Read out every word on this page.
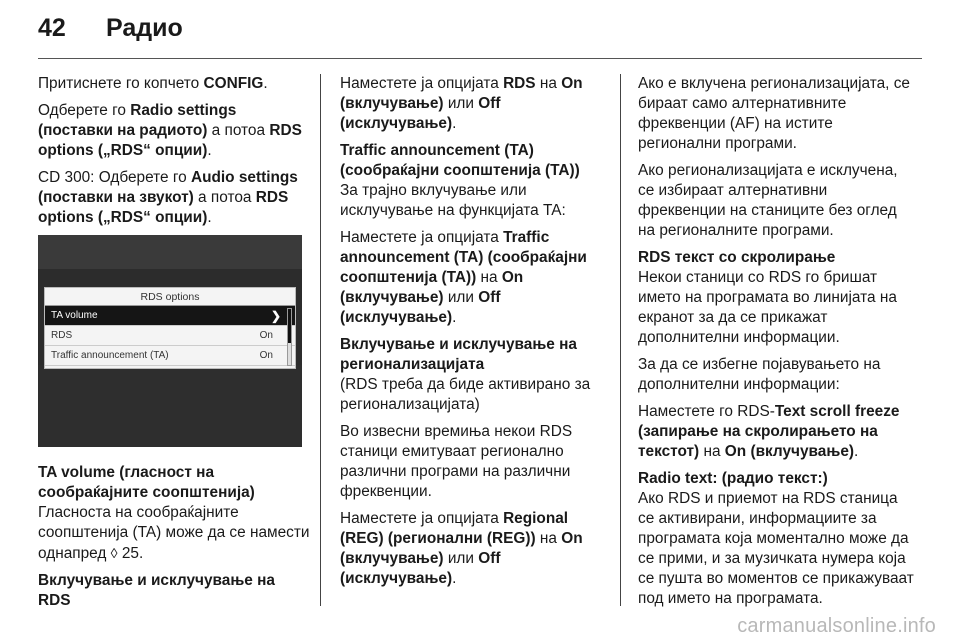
42	Радио

Притиснете го копчето CONFIG.

Одберете го Radio settings (поставки на радиото) а потоа RDS options („RDS“ опции).

CD 300: Одберете го Audio settings (поставки на звукот) а потоа RDS options („RDS“ опции).

RDS options
TA volume	❯
RDS	On
Traffic announcement (TA)	On

TA volume (гласност на сообраќајните соопштенија)

Гласноста на сообраќајните соопштенија (TA) може да се намести однапред ◊ 25.

Вклучување и исклучување на RDS

Наместете ја опцијата RDS на On (вклучување) или Off (исклучување).

Traffic announcement (TA) (сообраќајни соопштенија (TA))

За трајно вклучување или исклучување на функцијата TA:

Наместете ја опцијата Traffic announcement (TA) (сообраќајни соопштенија (TA)) на On (вклучување) или Off (исклучување).

Вклучување и исклучување на регионализацијата

(RDS треба да биде активирано за регионализацијата)

Во извесни времиња некои RDS станици емитуваат регионално различни програми на различни фреквенции.

Наместете ја опцијата Regional (REG) (регионални (REG)) на On (вклучување) или Off (исклучување).

Ако е вклучена регионализацијата, се бираат само алтернативните фреквенции (AF) на истите регионални програми.

Ако регионализацијата е исклучена, се избираат алтернативни фреквенции на станиците без оглед на регионалните програми.

RDS текст со скролирање

Некои станици со RDS го бришат името на програмата во линијата на екранот за да се прикажат дополнителни информации.

За да се избегне појавувањето на дополнителни информации:

Наместете го RDS-Text scroll freeze (запирање на скролирањето на текстот) на On (вклучување).

Radio text: (радио текст:)

Ако RDS и приемот на RDS станица се активирани, информациите за програмата која моментално може да се прими, и за музичката нумера која се пушта во моментов се прикажуваат под името на програмата.

carmanualsonline.info
